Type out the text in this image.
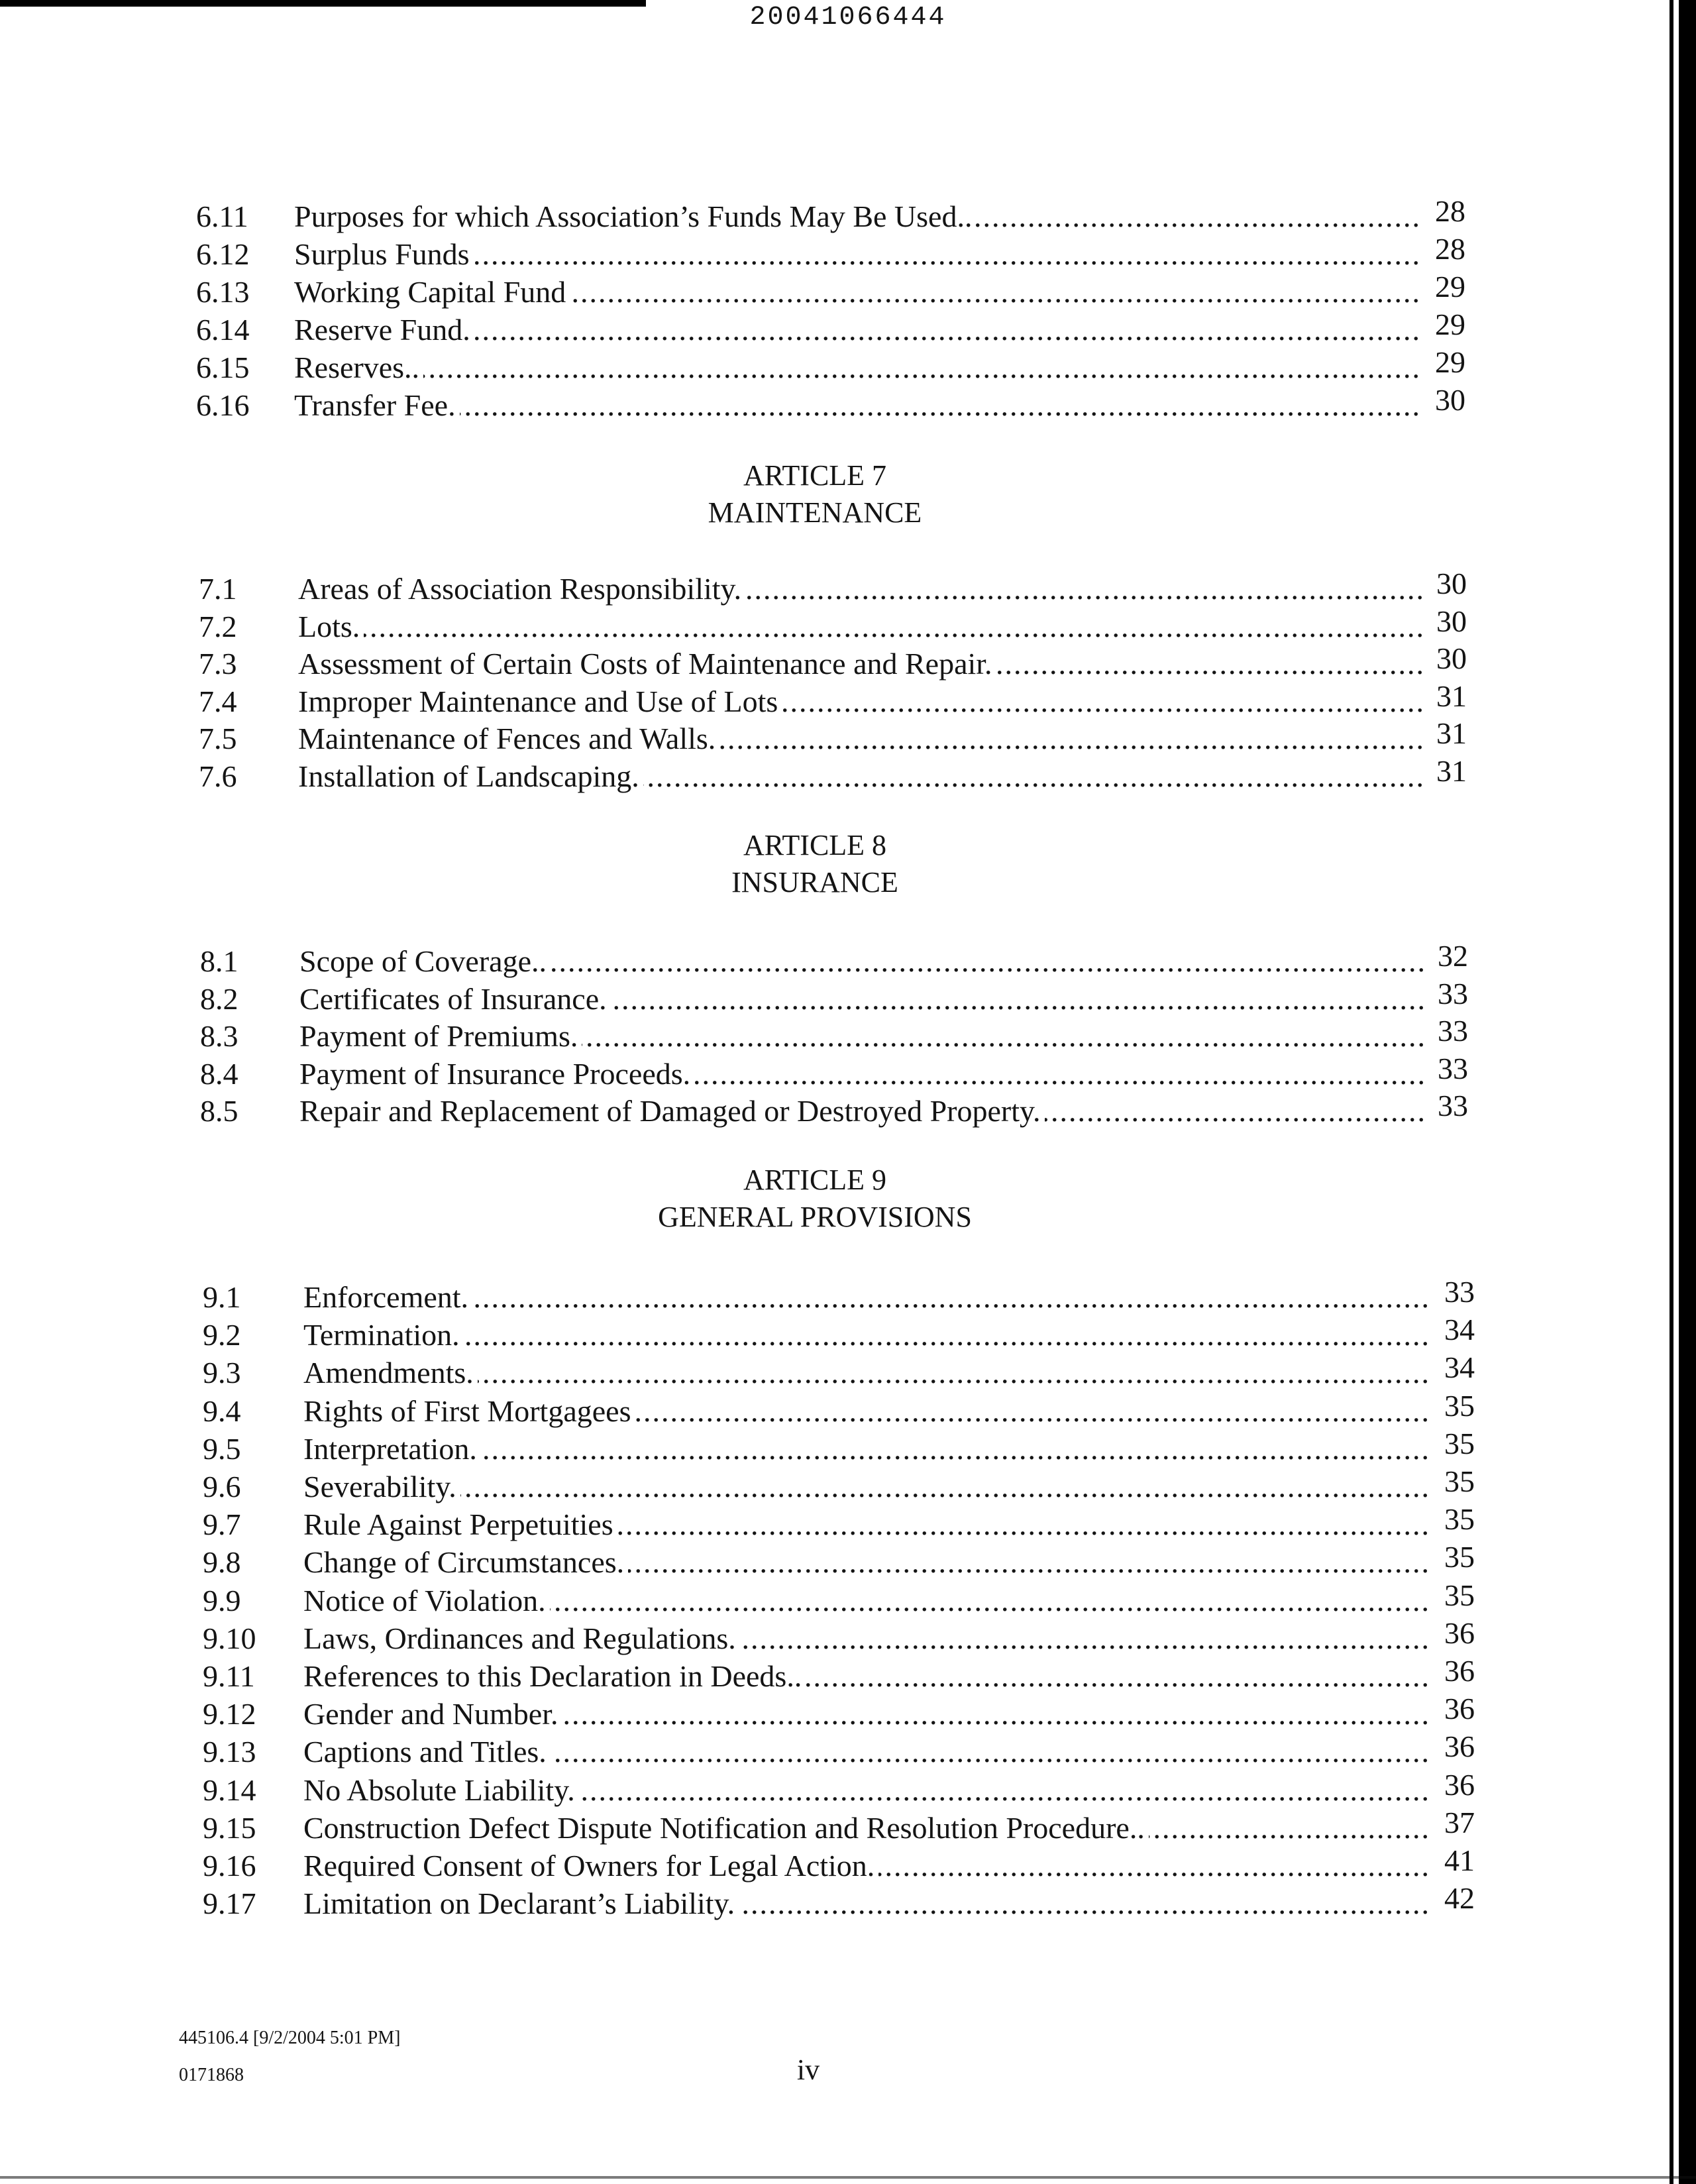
20041066444
6.11 Purposes for which Association’s Funds May Be Used.. .....	28
6.12 Surplus Funds .....	28
6.13 Working Capital Fund .....	29
6.14 Reserve Fund. .....	29
6.15 Reserves.. .....	29
6.16 Transfer Fee. .....	30
ARTICLE 7
MAINTENANCE
7.1 Areas of Association Responsibility. .....	30
7.2 Lots. .....	30
7.3 Assessment of Certain Costs of Maintenance and Repair. .....	30
7.4 Improper Maintenance and Use of Lots .....	31
7.5 Maintenance of Fences and Walls. .....	31
7.6 Installation of Landscaping. .....	31
ARTICLE 8
INSURANCE
8.1 Scope of Coverage.. .....	32
8.2 Certificates of Insurance. .....	33
8.3 Payment of Premiums. .....	33
8.4 Payment of Insurance Proceeds. .....	33
8.5 Repair and Replacement of Damaged or Destroyed Property. .....	33
ARTICLE 9
GENERAL PROVISIONS
9.1 Enforcement. .....	33
9.2 Termination. .....	34
9.3 Amendments. .....	34
9.4 Rights of First Mortgagees .....	35
9.5 Interpretation. .....	35
9.6 Severability. .....	35
9.7 Rule Against Perpetuities .....	35
9.8 Change of Circumstances. .....	35
9.9 Notice of Violation. .....	35
9.10 Laws, Ordinances and Regulations. .....	36
9.11 References to this Declaration in Deeds.. .....	36
9.12 Gender and Number. .....	36
9.13 Captions and Titles. .....	36
9.14 No Absolute Liability. .....	36
9.15 Construction Defect Dispute Notification and Resolution Procedure.. .....	37
9.16 Required Consent of Owners for Legal Action. .....	41
9.17 Limitation on Declarant’s Liability. .....	42
445106.4 [9/2/2004 5:01 PM]
0171868	iv
